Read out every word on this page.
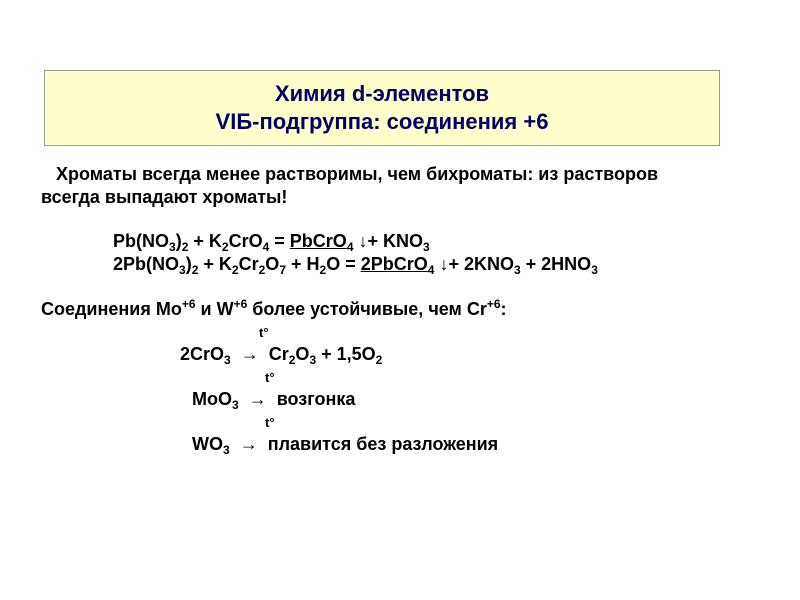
Химия d-элементов
VIБ-подгруппа: соединения +6
Хроматы всегда менее растворимы, чем бихроматы: из растворов
всегда выпадают хроматы!
$Pb(NO_3)_2 + K_2CrO_4$ = PbCrO$_4$ ↓+ $KNO_3$
$2Pb(NO_3)_2 + K_2Cr_2O_7 + H_2O$ = 2PbCrO$_4$ ↓+ $2KNO_3 + 2HNO_3$
Соединения $Mo^{+6}$ и $W^{+6}$ более устойчивые, чем $Cr^{+6}$:
t°
$2CrO_3 \to Cr_2O_3 + 1,5O_2$
t°
MoO$_3$  →  возгонка
t°
$WO_3$  →  плавится без разложения
